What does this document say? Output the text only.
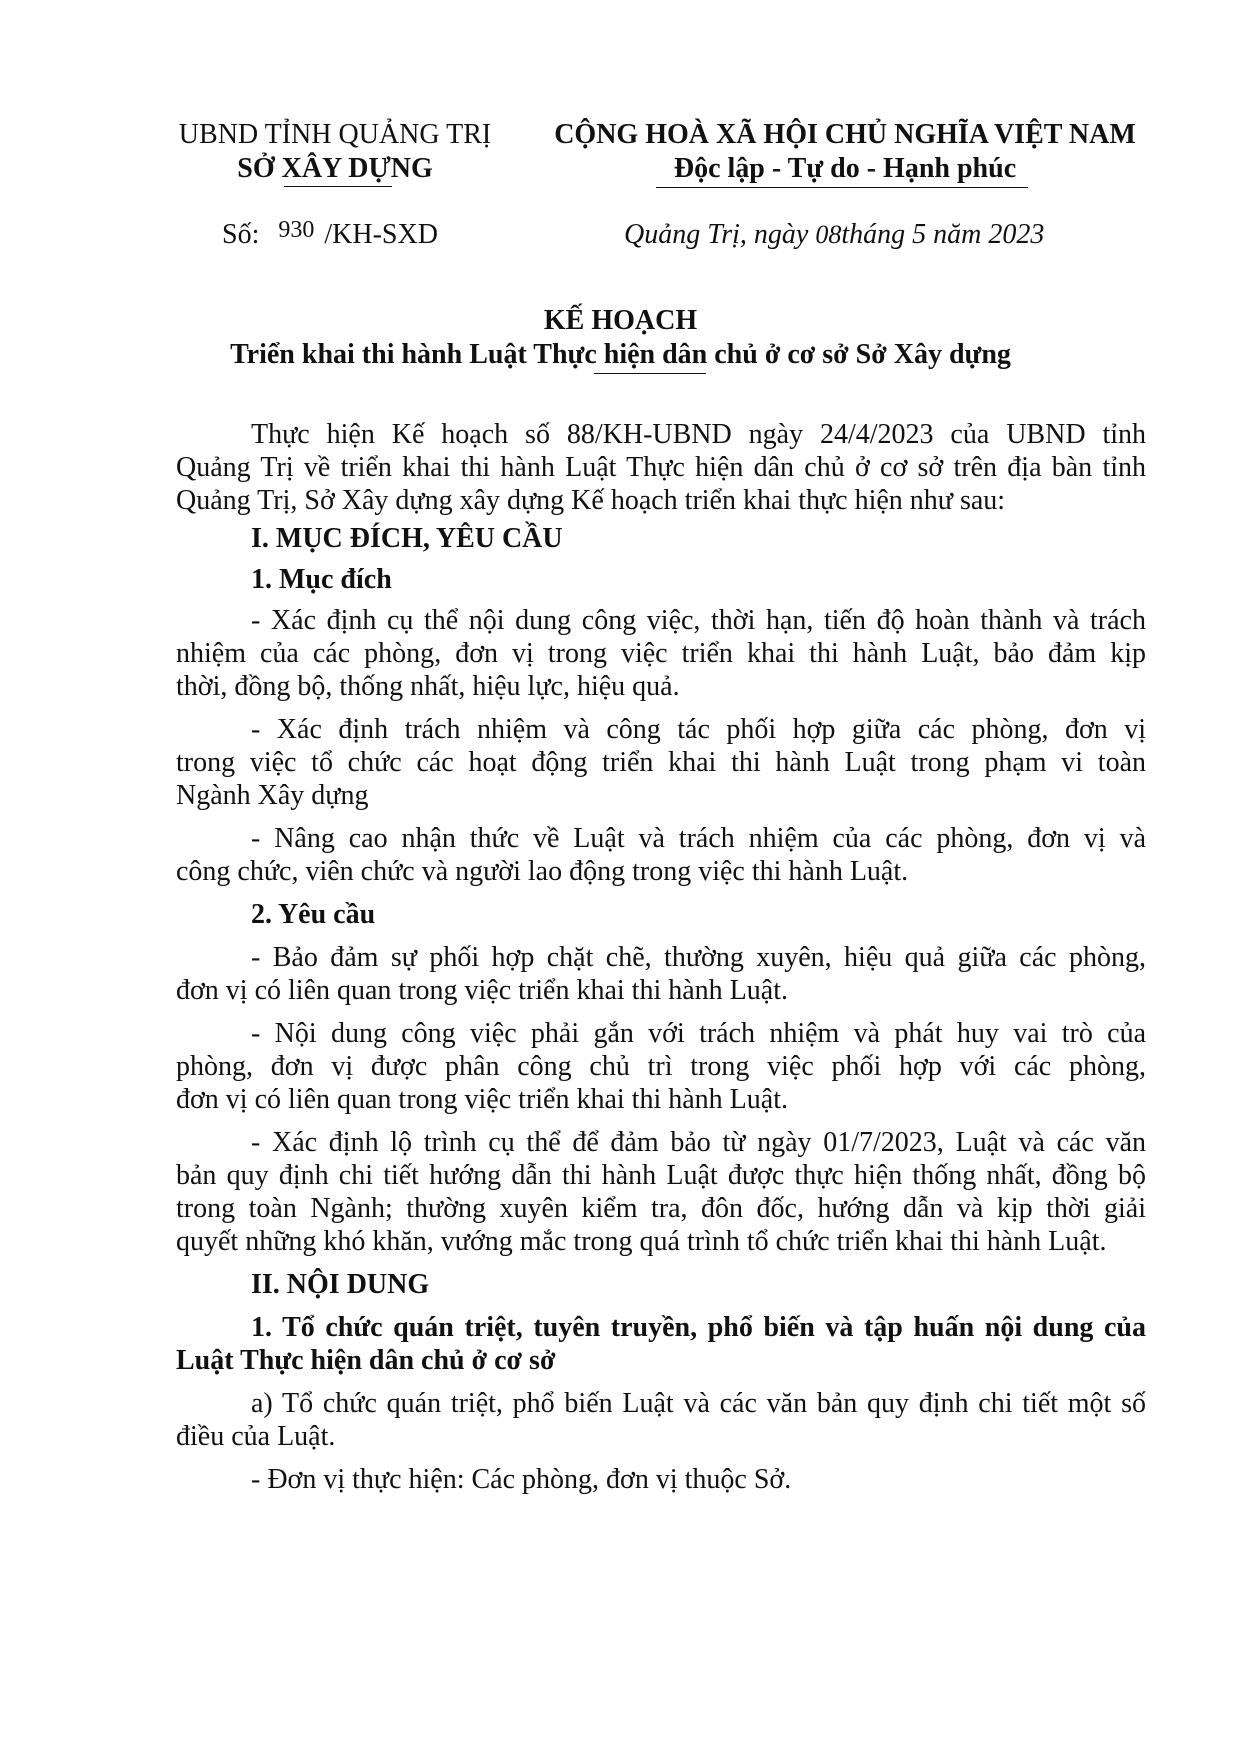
UBND TỈNH QUẢNG TRỊ
SỞ XÂY DỰNG
CỘNG HOÀ XÃ HỘI CHỦ NGHĨA VIỆT NAM
Độc lập - Tự do - Hạnh phúc
Số: 930 /KH-SXD	Quảng Trị, ngày 08tháng 5 năm 2023
KẾ HOẠCH
Triển khai thi hành Luật Thực hiện dân chủ ở cơ sở Sở Xây dựng

Thực hiện Kế hoạch số 88/KH-UBND ngày 24/4/2023 của UBND tỉnh
Quảng Trị về triển khai thi hành Luật Thực hiện dân chủ ở cơ sở trên địa bàn tỉnh
Quảng Trị, Sở Xây dựng xây dựng Kế hoạch triển khai thực hiện như sau:

I. MỤC ĐÍCH, YÊU CẦU

1. Mục đích

- Xác định cụ thể nội dung công việc, thời hạn, tiến độ hoàn thành và trách
nhiệm của các phòng, đơn vị trong việc triển khai thi hành Luật, bảo đảm kịp
thời, đồng bộ, thống nhất, hiệu lực, hiệu quả.

- Xác định trách nhiệm và công tác phối hợp giữa các phòng, đơn vị
trong việc tổ chức các hoạt động triển khai thi hành Luật trong phạm vi toàn
Ngành Xây dựng

- Nâng cao nhận thức về Luật và trách nhiệm của các phòng, đơn vị và
công chức, viên chức và người lao động trong việc thi hành Luật.

2. Yêu cầu

- Bảo đảm sự phối hợp chặt chẽ, thường xuyên, hiệu quả giữa các phòng,
đơn vị có liên quan trong việc triển khai thi hành Luật.

- Nội dung công việc phải gắn với trách nhiệm và phát huy vai trò của
phòng, đơn vị được phân công chủ trì trong việc phối hợp với các phòng,
đơn vị có liên quan trong việc triển khai thi hành Luật.

- Xác định lộ trình cụ thể để đảm bảo từ ngày 01/7/2023, Luật và các văn
bản quy định chi tiết hướng dẫn thi hành Luật được thực hiện thống nhất, đồng bộ
trong toàn Ngành; thường xuyên kiểm tra, đôn đốc, hướng dẫn và kịp thời giải
quyết những khó khăn, vướng mắc trong quá trình tổ chức triển khai thi hành Luật.

II. NỘI DUNG

1. Tổ chức quán triệt, tuyên truyền, phổ biến và tập huấn nội dung của
Luật Thực hiện dân chủ ở cơ sở

a) Tổ chức quán triệt, phổ biến Luật và các văn bản quy định chi tiết một số
điều của Luật.

- Đơn vị thực hiện: Các phòng, đơn vị thuộc Sở.
